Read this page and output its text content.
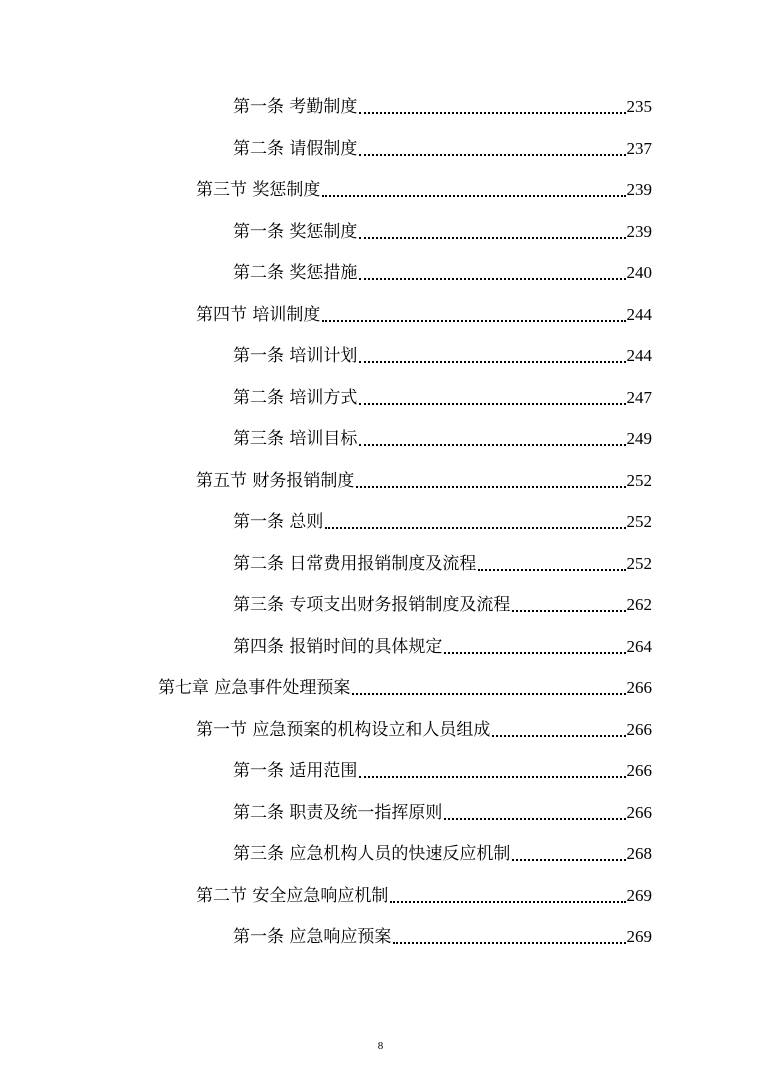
第一条 考勤制度	235
第二条 请假制度	237
第三节 奖惩制度	239
第一条 奖惩制度	239
第二条 奖惩措施	240
第四节 培训制度	244
第一条 培训计划	244
第二条 培训方式	247
第三条 培训目标	249
第五节 财务报销制度	252
第一条 总则	252
第二条 日常费用报销制度及流程	252
第三条 专项支出财务报销制度及流程	262
第四条 报销时间的具体规定	264
第七章 应急事件处理预案	266
第一节 应急预案的机构设立和人员组成	266
第一条 适用范围	266
第二条 职责及统一指挥原则	266
第三条 应急机构人员的快速反应机制	268
第二节 安全应急响应机制	269
第一条 应急响应预案	269
8
